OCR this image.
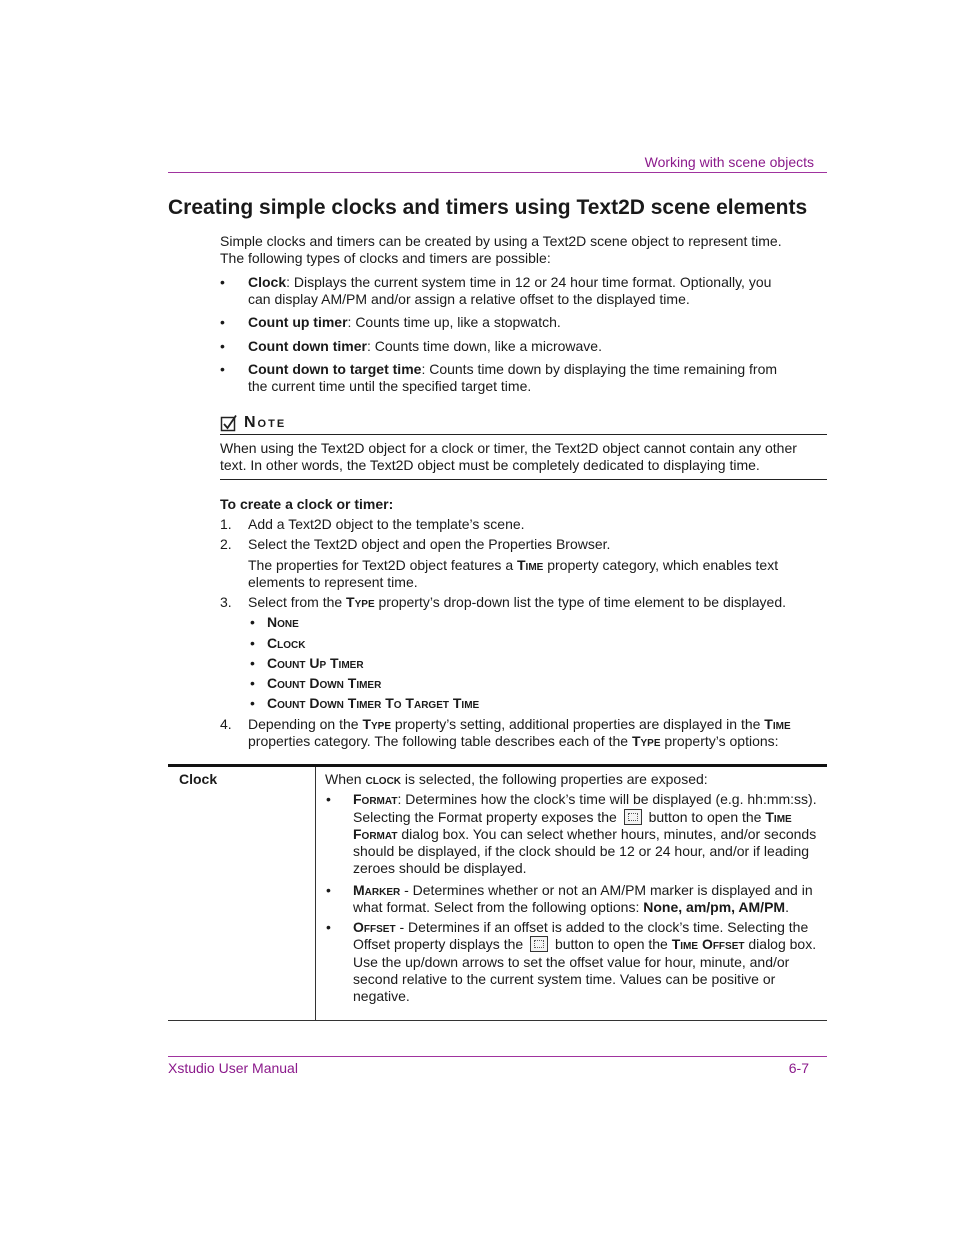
Working with scene objects
Creating simple clocks and timers using Text2D scene elements

Simple clocks and timers can be created by using a Text2D scene object to represent time.

The following types of clocks and timers are possible:

• Clock: Displays the current system time in 12 or 24 hour time format. Optionally, you

can display AM/PM and/or assign a relative offset to the displayed time.

• Count up timer: Counts time up, like a stopwatch.

• Count down timer: Counts time down, like a microwave.

• Count down to target time: Counts time down by displaying the time remaining from

the current time until the specified target time.

Note

When using the Text2D object for a clock or timer, the Text2D object cannot contain any other

text. In other words, the Text2D object must be completely dedicated to displaying time.

To create a clock or timer:

1. Add a Text2D object to the template’s scene.

2. Select the Text2D object and open the Properties Browser.

The properties for Text2D object features a Time property category, which enables text

elements to represent time.

3. Select from the Type property’s drop-down list the type of time element to be displayed.

• None

• Clock

• Count Up Timer

• Count Down Timer

• Count Down Timer To Target Time

4. Depending on the Type property’s setting, additional properties are displayed in the Time

properties category. The following table describes each of the Type property’s options:

Clock	When clock is selected, the following properties are exposed:

• Format: Determines how the clock’s time will be displayed (e.g. hh:mm:ss).

Selecting the Format property exposes the  button to open the Time

Format dialog box. You can select whether hours, minutes, and/or seconds

should be displayed, if the clock should be 12 or 24 hour, and/or if leading

zeroes should be displayed.

• Marker - Determines whether or not an AM/PM marker is displayed and in

what format. Select from the following options: None, am/pm, AM/PM.

• Offset - Determines if an offset is added to the clock’s time. Selecting the

Offset property displays the  button to open the Time Offset dialog box.

Use the up/down arrows to set the offset value for hour, minute, and/or

second relative to the current system time. Values can be positive or

negative.

Xstudio User Manual	6-7
